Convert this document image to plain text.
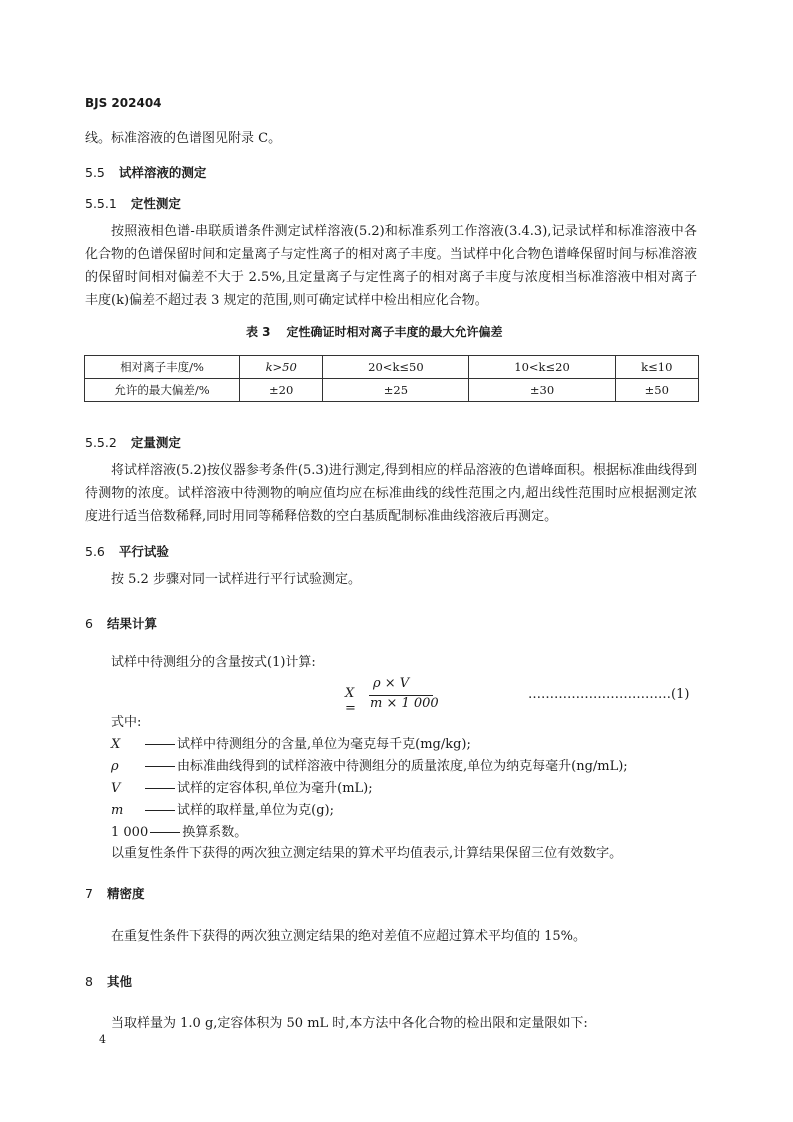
BJS 202404
线。标准溶液的色谱图见附录 C。
5.5 试样溶液的测定
5.5.1 定性测定
按照液相色谱-串联质谱条件测定试样溶液(5.2)和标准系列工作溶液(3.4.3),记录试样和标准溶液中各化合物的色谱保留时间和定量离子与定性离子的相对离子丰度。当试样中化合物色谱峰保留时间与标准溶液的保留时间相对偏差不大于 2.5%,且定量离子与定性离子的相对离子丰度与浓度相当标准溶液中相对离子丰度(k)偏差不超过表 3 规定的范围,则可确定试样中检出相应化合物。
表 3 定性确证时相对离子丰度的最大允许偏差
相对离子丰度/%	k>50	20<k≤50	10<k≤20	k≤10
允许的最大偏差/%	±20	±25	±30	±50
5.5.2 定量测定
将试样溶液(5.2)按仪器参考条件(5.3)进行测定,得到相应的样品溶液的色谱峰面积。根据标准曲线得到待测物的浓度。试样溶液中待测物的响应值均应在标准曲线的线性范围之内,超出线性范围时应根据测定浓度进行适当倍数稀释,同时用同等稀释倍数的空白基质配制标准曲线溶液后再测定。
5.6 平行试验
按 5.2 步骤对同一试样进行平行试验测定。
6 结果计算
试样中待测组分的含量按式(1)计算:
X =
ρ × V
m × 1 000
……………………………(1)
式中:
X	试样中待测组分的含量,单位为毫克每千克(mg/kg);
ρ	由标准曲线得到的试样溶液中待测组分的质量浓度,单位为纳克每毫升(ng/mL);
V	试样的定容体积,单位为毫升(mL);
m	试样的取样量,单位为克(g);
1 000	换算系数。
以重复性条件下获得的两次独立测定结果的算术平均值表示,计算结果保留三位有效数字。
7 精密度
在重复性条件下获得的两次独立测定结果的绝对差值不应超过算术平均值的 15%。
8 其他
当取样量为 1.0 g,定容体积为 50 mL 时,本方法中各化合物的检出限和定量限如下:
4
